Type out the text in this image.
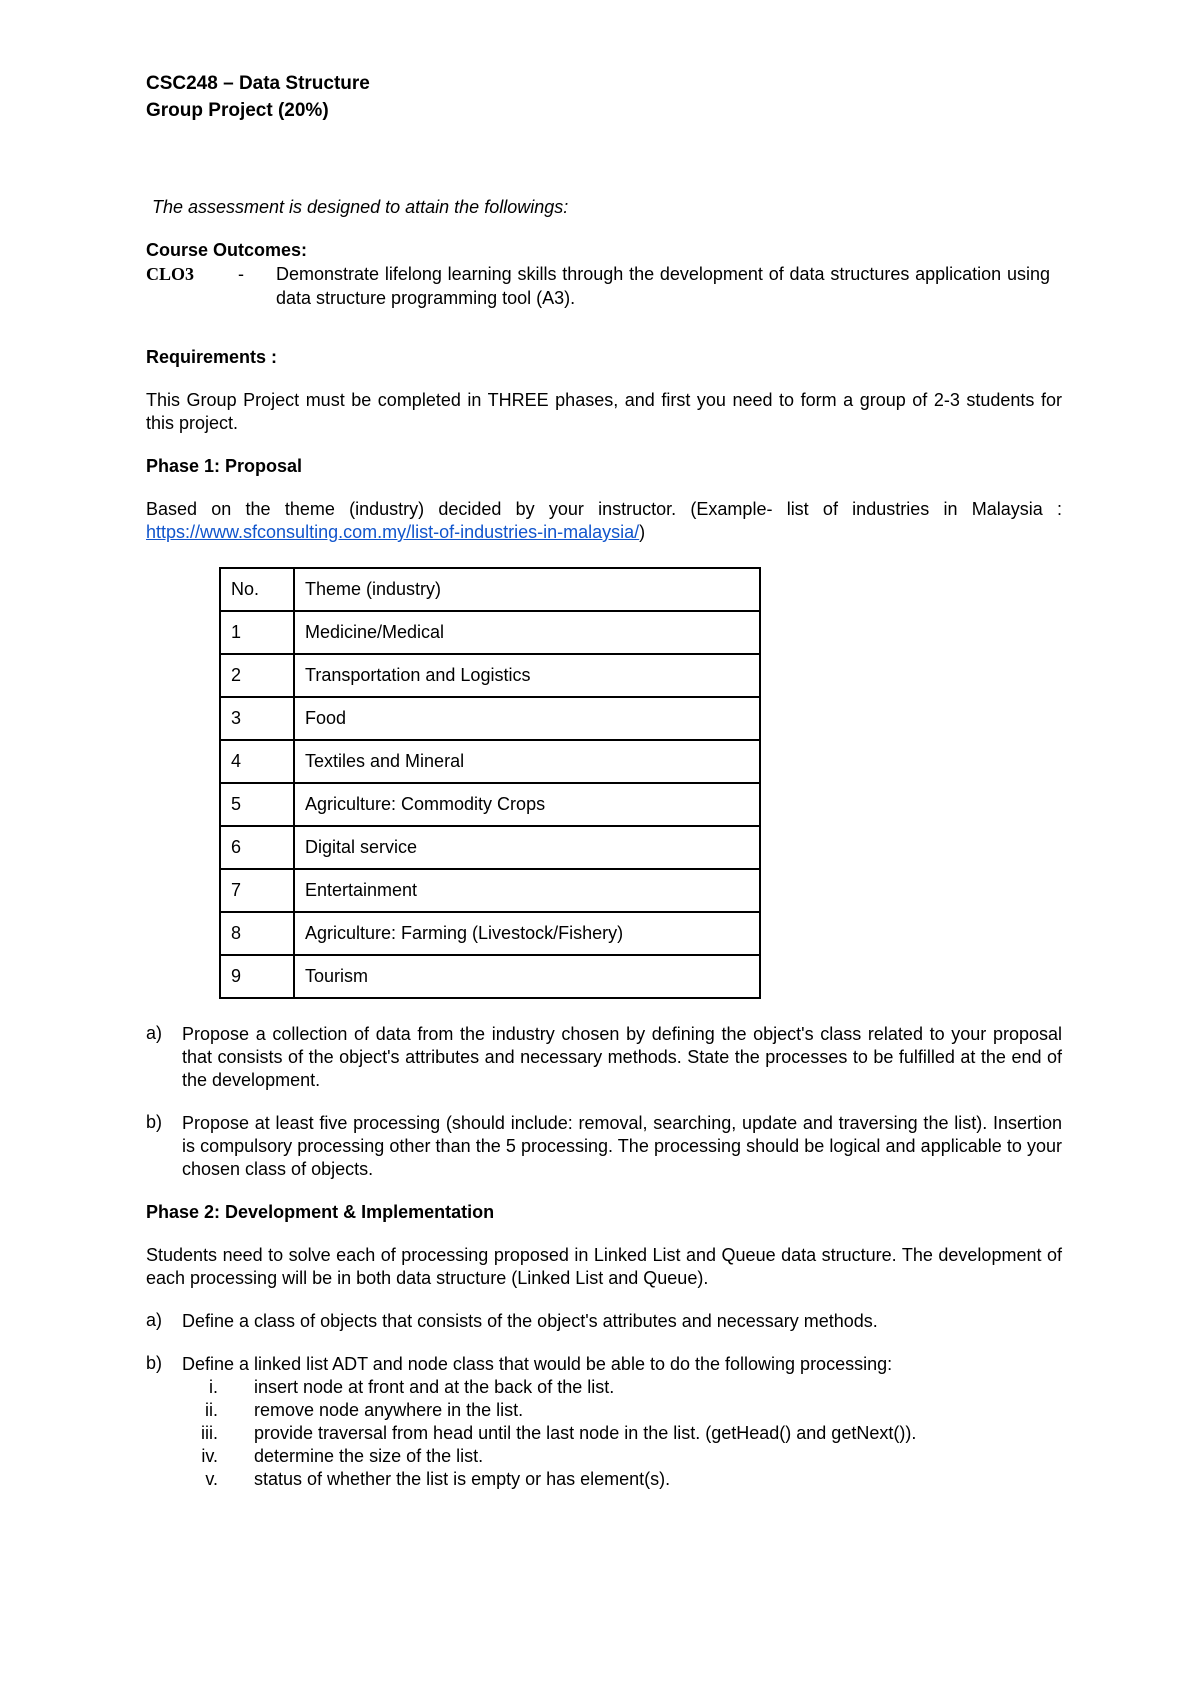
CSC248 – Data Structure

Group Project (20%)

The assessment is designed to attain the followings:

Course Outcomes:

CLO3	-	Demonstrate lifelong learning skills through the development of data structures application using data structure programming tool (A3).

Requirements :

This Group Project must be completed in THREE phases, and first you need to form a group of 2-3 students for this project.

Phase 1: Proposal

Based on the theme (industry) decided by your instructor. (Example- list of industries in Malaysia : https://www.sfconsulting.com.my/list-of-industries-in-malaysia/)

No.	Theme (industry)
1	Medicine/Medical
2	Transportation and Logistics
3	Food
4	Textiles and Mineral
5	Agriculture: Commodity Crops
6	Digital service
7	Entertainment
8	Agriculture: Farming (Livestock/Fishery)
9	Tourism
a)	Propose a collection of data from the industry chosen by defining the object's class related to your proposal that consists of the object's attributes and necessary methods. State the processes to be fulfilled at the end of the development.
b)	Propose at least five processing (should include: removal, searching, update and traversing the list). Insertion is compulsory processing other than the 5 processing. The processing should be logical and applicable to your chosen class of objects.

Phase 2: Development & Implementation

Students need to solve each of processing proposed in Linked List and Queue data structure. The development of each processing will be in both data structure (Linked List and Queue).

a)	Define a class of objects that consists of the object's attributes and necessary methods.
b)	Define a linked list ADT and node class that would be able to do the following processing:
i.	insert node at front and at the back of the list.
ii.	remove node anywhere in the list.
iii.	provide traversal from head until the last node in the list. (getHead() and getNext()).
iv.	determine the size of the list.
v.	status of whether the list is empty or has element(s).
